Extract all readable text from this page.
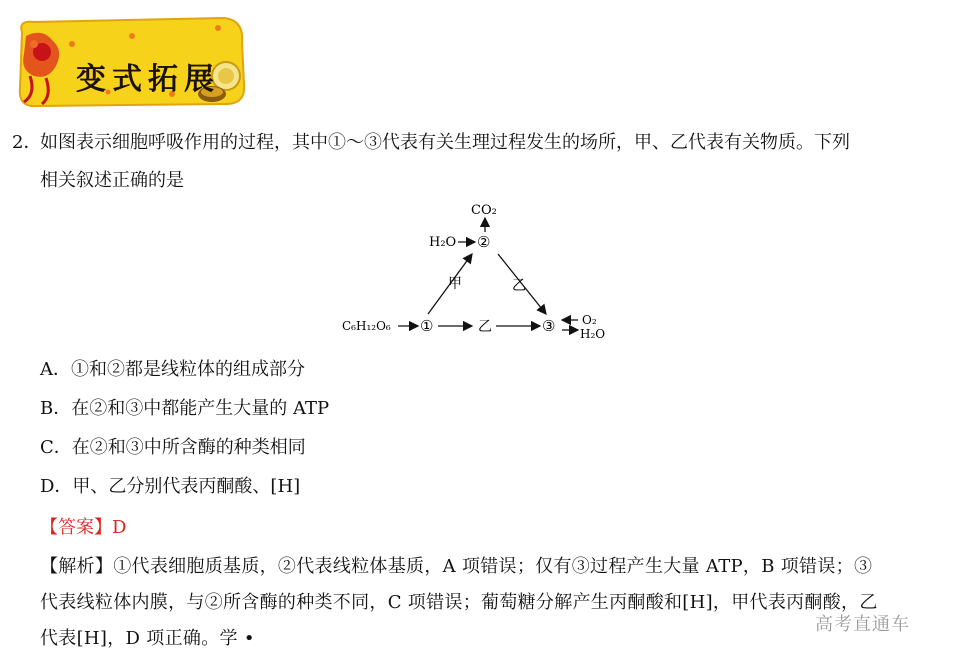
变式拓展
2．
如图表示细胞呼吸作用的过程，其中①～③代表有关生理过程发生的场所，甲、乙代表有关物质。下列
相关叙述正确的是
CO₂
H₂O ②
甲	乙
C₆H₁₂O₆ ①	乙	③ O₂
H₂O
A．①和②都是线粒体的组成部分
B．在②和③中都能产生大量的 ATP
C．在②和③中所含酶的种类相同
D．甲、乙分别代表丙酮酸、[H]
【答案】D
【解析】①代表细胞质基质，②代表线粒体基质，A 项错误；仅有③过程产生大量 ATP，B 项错误；③
代表线粒体内膜，与②所含酶的种类不同，C 项错误；葡萄糖分解产生丙酮酸和[H]，甲代表丙酮酸，乙
代表[H]，D 项正确。学 •
高考直通车
